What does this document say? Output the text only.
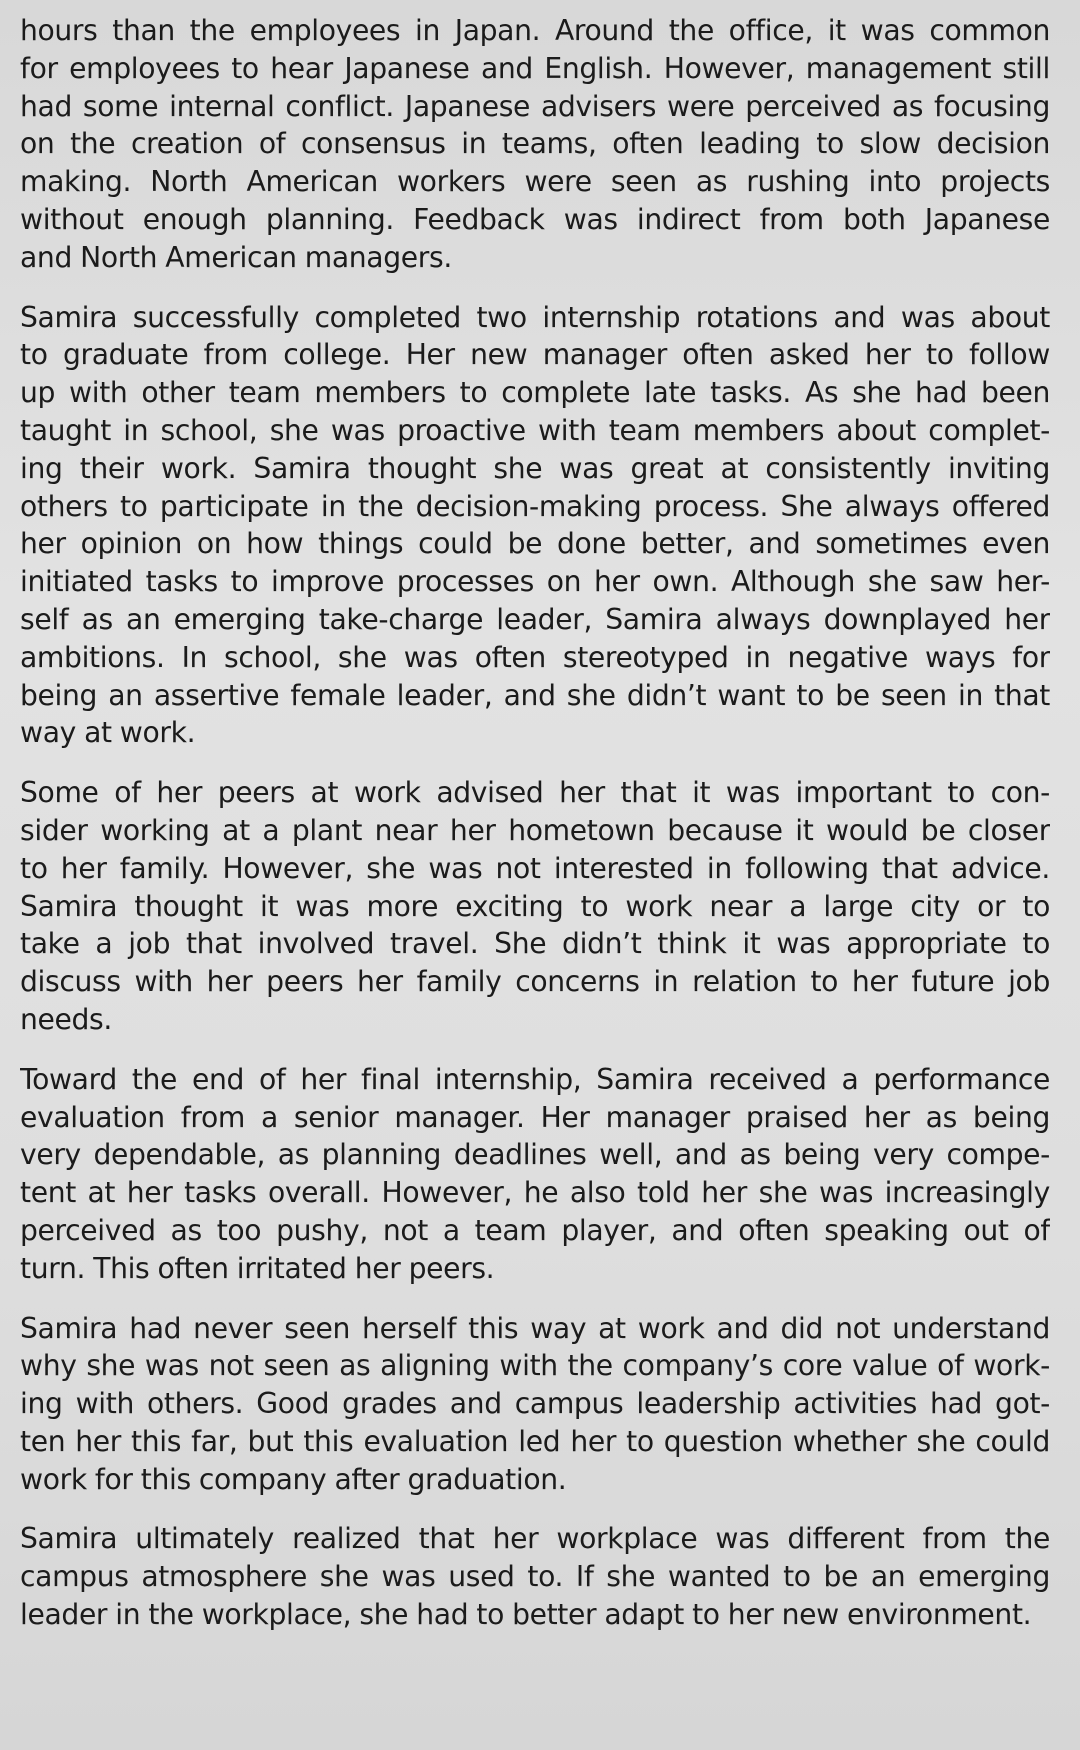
hours than the employees in Japan. Around the office, it was common
for employees to hear Japanese and English. However, management still
had some internal conflict. Japanese advisers were perceived as focusing
on the creation of consensus in teams, often leading to slow decision
making. North American workers were seen as rushing into projects
without enough planning. Feedback was indirect from both Japanese
and North American managers.

Samira successfully completed two internship rotations and was about
to graduate from college. Her new manager often asked her to follow
up with other team members to complete late tasks. As she had been
taught in school, she was proactive with team members about complet-
ing their work. Samira thought she was great at consistently inviting
others to participate in the decision-making process. She always offered
her opinion on how things could be done better, and sometimes even
initiated tasks to improve processes on her own. Although she saw her-
self as an emerging take-charge leader, Samira always downplayed her
ambitions. In school, she was often stereotyped in negative ways for
being an assertive female leader, and she didn’t want to be seen in that
way at work.

Some of her peers at work advised her that it was important to con-
sider working at a plant near her hometown because it would be closer
to her family. However, she was not interested in following that advice.
Samira thought it was more exciting to work near a large city or to
take a job that involved travel. She didn’t think it was appropriate to
discuss with her peers her family concerns in relation to her future job
needs.

Toward the end of her final internship, Samira received a performance
evaluation from a senior manager. Her manager praised her as being
very dependable, as planning deadlines well, and as being very compe-
tent at her tasks overall. However, he also told her she was increasingly
perceived as too pushy, not a team player, and often speaking out of
turn. This often irritated her peers.

Samira had never seen herself this way at work and did not understand
why she was not seen as aligning with the company’s core value of work-
ing with others. Good grades and campus leadership activities had got-
ten her this far, but this evaluation led her to question whether she could
work for this company after graduation.

Samira ultimately realized that her workplace was different from the
campus atmosphere she was used to. If she wanted to be an emerging
leader in the workplace, she had to better adapt to her new environment.
